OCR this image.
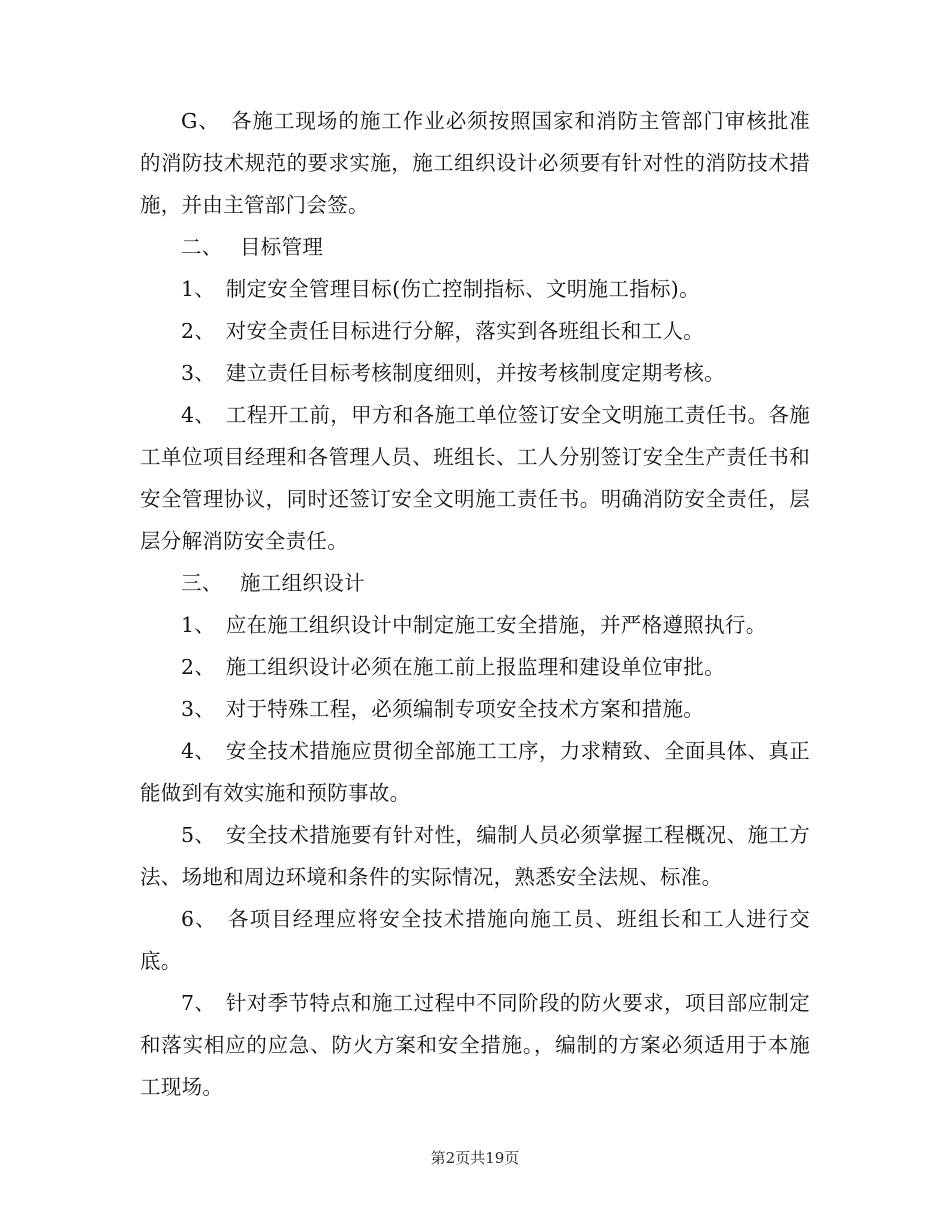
G、　各施工现场的施工作业必须按照国家和消防主管部门审核批准的消防技术规范的要求实施，施工组织设计必须要有针对性的消防技术措施，并由主管部门会签。

二、　 目标管理

1、　制定安全管理目标(伤亡控制指标、文明施工指标)。

2、　对安全责任目标进行分解，落实到各班组长和工人。

3、　建立责任目标考核制度细则，并按考核制度定期考核。

4、　工程开工前，甲方和各施工单位签订安全文明施工责任书。各施工单位项目经理和各管理人员、班组长、工人分别签订安全生产责任书和安全管理协议，同时还签订安全文明施工责任书。明确消防安全责任，层层分解消防安全责任。

三、　 施工组织设计

1、　应在施工组织设计中制定施工安全措施，并严格遵照执行。

2、　施工组织设计必须在施工前上报监理和建设单位审批。

3、　对于特殊工程，必须编制专项安全技术方案和措施。

4、　安全技术措施应贯彻全部施工工序，力求精致、全面具体、真正能做到有效实施和预防事故。

5、　安全技术措施要有针对性，编制人员必须掌握工程概况、施工方法、场地和周边环境和条件的实际情况，熟悉安全法规、标准。

6、　各项目经理应将安全技术措施向施工员、班组长和工人进行交底。

7、　针对季节特点和施工过程中不同阶段的防火要求，项目部应制定和落实相应的应急、防火方案和安全措施。，编制的方案必须适用于本施工现场。

第2页共19页
